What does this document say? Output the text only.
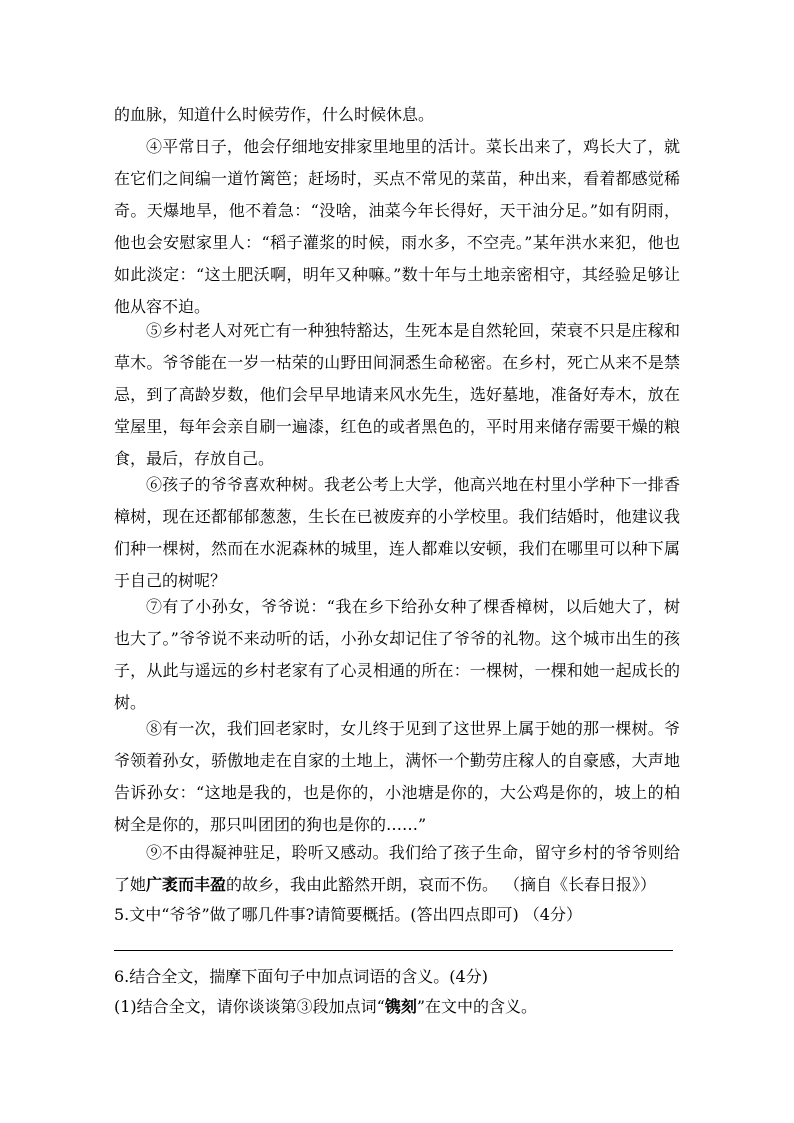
的血脉，知道什么时候劳作，什么时候休息。

④平常日子，他会仔细地安排家里地里的活计。菜长出来了，鸡长大了，就在它们之间编一道竹篱笆；赶场时，买点不常见的菜苗，种出来，看着都感觉稀奇。天爆地旱，他不着急：“没啥，油菜今年长得好，天干油分足。”如有阴雨，他也会安慰家里人：“稻子灌浆的时候，雨水多，不空壳。”某年洪水来犯，他也如此淡定：“这土肥沃啊，明年又种嘛。”数十年与土地亲密相守，其经验足够让他从容不迫。

⑤乡村老人对死亡有一种独特豁达，生死本是自然轮回，荣衰不只是庄稼和草木。爷爷能在一岁一枯荣的山野田间洞悉生命秘密。在乡村，死亡从来不是禁忌，到了高龄岁数，他们会早早地请来风水先生，选好墓地，准备好寿木，放在堂屋里，每年会亲自刷一遍漆，红色的或者黑色的，平时用来储存需要干燥的粮食，最后，存放自己。

⑥孩子的爷爷喜欢种树。我老公考上大学，他高兴地在村里小学种下一排香樟树，现在还都郁郁葱葱，生长在已被废弃的小学校里。我们结婚时，他建议我们种一棵树，然而在水泥森林的城里，连人都难以安顿，我们在哪里可以种下属于自己的树呢？

⑦有了小孙女，爷爷说：“我在乡下给孙女种了棵香樟树，以后她大了，树也大了。”爷爷说不来动听的话，小孙女却记住了爷爷的礼物。这个城市出生的孩子，从此与遥远的乡村老家有了心灵相通的所在：一棵树，一棵和她一起成长的树。

⑧有一次，我们回老家时，女儿终于见到了这世界上属于她的那一棵树。爷爷领着孙女，骄傲地走在自家的土地上，满怀一个勤劳庄稼人的自豪感，大声地告诉孙女：“这地是我的，也是你的，小池塘是你的，大公鸡是你的，坡上的柏树全是你的，那只叫团团的狗也是你的……”

⑨不由得凝神驻足，聆听又感动。我们给了孩子生命，留守乡村的爷爷则给了她广袤而丰盈的故乡，我由此豁然开朗，哀而不伤。 （摘自《长春日报》）

5.文中“爷爷”做了哪几件事?请简要概括。(答出四点即可) （4分）

6.结合全文，揣摩下面句子中加点词语的含义。(4分)

(1)结合全文，请你谈谈第③段加点词“镌刻”在文中的含义。
